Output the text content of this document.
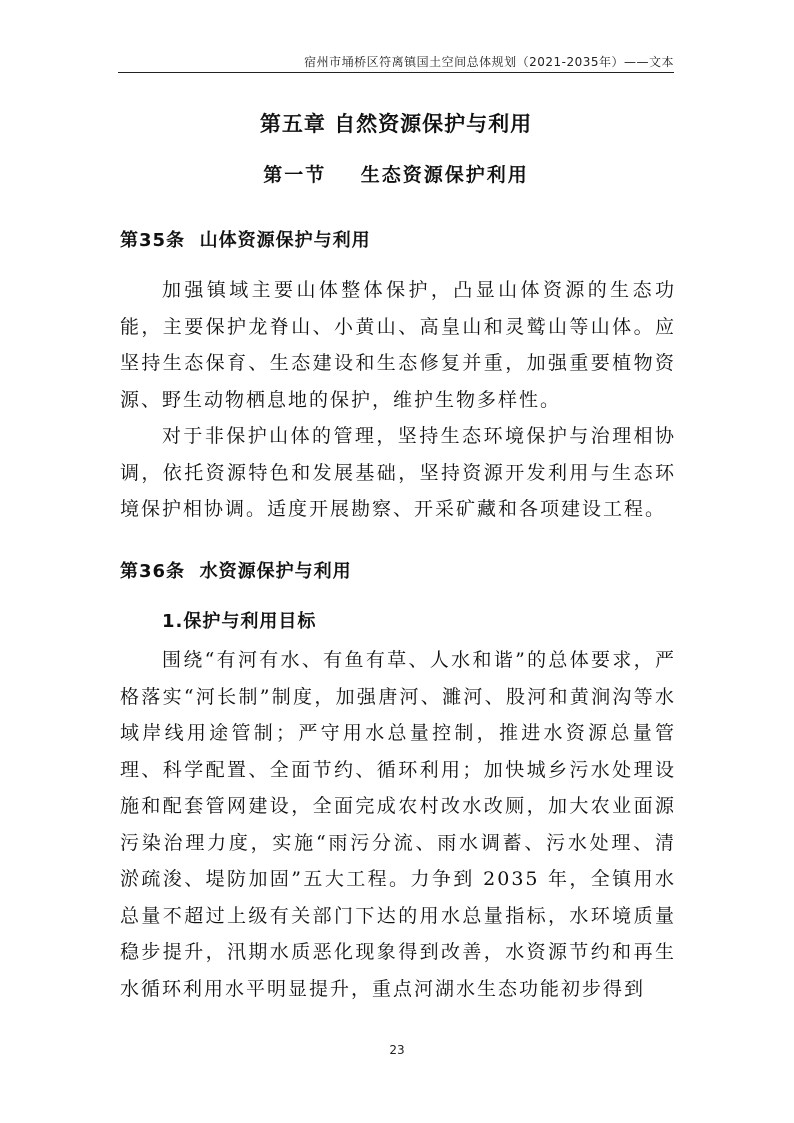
宿州市埇桥区符离镇国土空间总体规划（2021-2035年）——文本
第五章 自然资源保护与利用
第一节    生态资源保护利用
第35条  山体资源保护与利用

加强镇域主要山体整体保护，凸显山体资源的生态功能，主要保护龙脊山、小黄山、高皇山和灵鹫山等山体。应坚持生态保育、生态建设和生态修复并重，加强重要植物资源、野生动物栖息地的保护，维护生物多样性。

对于非保护山体的管理，坚持生态环境保护与治理相协调，依托资源特色和发展基础，坚持资源开发利用与生态环境保护相协调。适度开展勘察、开采矿藏和各项建设工程。

第36条  水资源保护与利用
1.保护与利用目标

围绕“有河有水、有鱼有草、人水和谐”的总体要求，严格落实“河长制”制度，加强唐河、濉河、股河和黄涧沟等水域岸线用途管制；严守用水总量控制，推进水资源总量管理、科学配置、全面节约、循环利用；加快城乡污水处理设施和配套管网建设，全面完成农村改水改厕，加大农业面源污染治理力度，实施“雨污分流、雨水调蓄、污水处理、清淤疏浚、堤防加固”五大工程。力争到 2035 年，全镇用水总量不超过上级有关部门下达的用水总量指标，水环境质量稳步提升，汛期水质恶化现象得到改善，水资源节约和再生水循环利用水平明显提升，重点河湖水生态功能初步得到

23
